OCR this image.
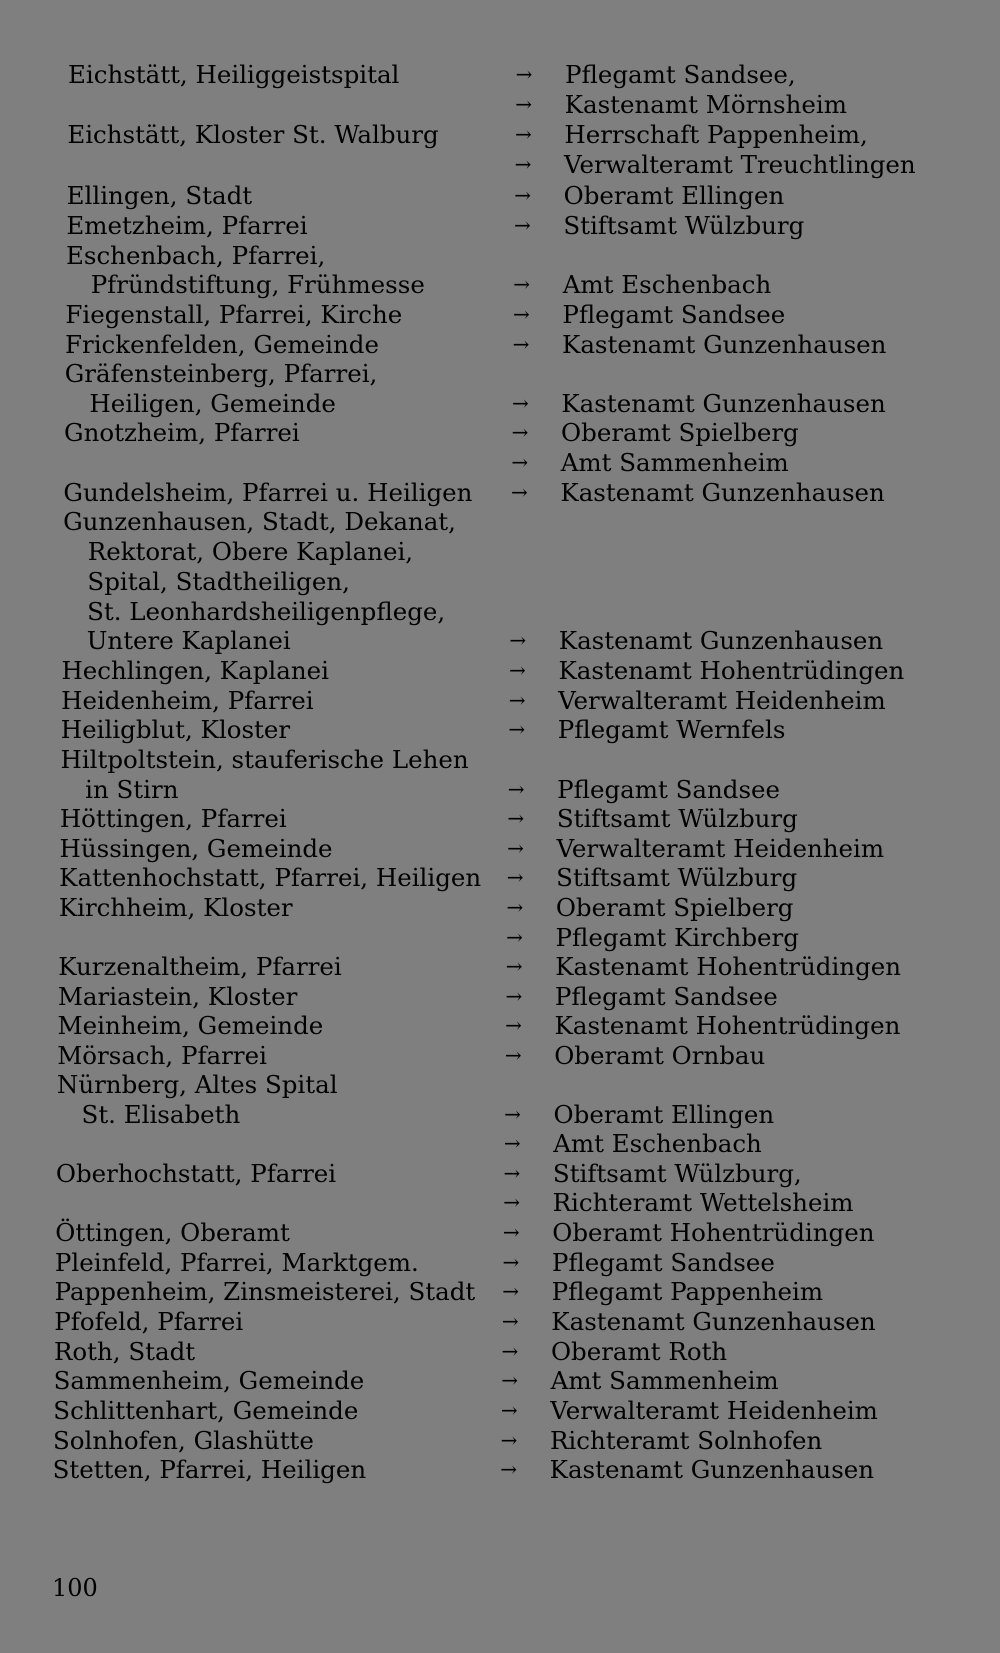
Eichstätt, Heiliggeistspital	→ Pflegamt Sandsee,
→ Kastenamt Mörnsheim
Eichstätt, Kloster St. Walburg	→ Herrschaft Pappenheim,
→ Verwalteramt Treuchtlingen
Ellingen, Stadt	→ Oberamt Ellingen
Emetzheim, Pfarrei	→ Stiftsamt Wülzburg
Eschenbach, Pfarrei,
Pfründstiftung, Frühmesse	→ Amt Eschenbach
Fiegenstall, Pfarrei, Kirche	→ Pflegamt Sandsee
Frickenfelden, Gemeinde	→ Kastenamt Gunzenhausen
Gräfensteinberg, Pfarrei,
Heiligen, Gemeinde	→ Kastenamt Gunzenhausen
Gnotzheim, Pfarrei	→ Oberamt Spielberg
→ Amt Sammenheim
Gundelsheim, Pfarrei u. Heiligen → Kastenamt Gunzenhausen
Gunzenhausen, Stadt, Dekanat,
Rektorat, Obere Kaplanei,
Spital, Stadtheiligen,
St. Leonhardsheiligenpflege,
Untere Kaplanei	→ Kastenamt Gunzenhausen
Hechlingen, Kaplanei	→ Kastenamt Hohentrüdingen
Heidenheim, Pfarrei	→ Verwalteramt Heidenheim
Heiligblut, Kloster	→ Pflegamt Wernfels
Hiltpoltstein, stauferische Lehen
in Stirn	→ Pflegamt Sandsee
Höttingen, Pfarrei	→ Stiftsamt Wülzburg
Hüssingen, Gemeinde	→ Verwalteramt Heidenheim
Kattenhochstatt, Pfarrei, Heiligen → Stiftsamt Wülzburg
Kirchheim, Kloster	→ Oberamt Spielberg
→ Pflegamt Kirchberg
Kurzenaltheim, Pfarrei	→ Kastenamt Hohentrüdingen
Mariastein, Kloster	→ Pflegamt Sandsee
Meinheim, Gemeinde	→ Kastenamt Hohentrüdingen
Mörsach, Pfarrei	→ Oberamt Ornbau
Nürnberg, Altes Spital
St. Elisabeth	→ Oberamt Ellingen
→ Amt Eschenbach
Oberhochstatt, Pfarrei	→ Stiftsamt Wülzburg,
→ Richteramt Wettelsheim
Öttingen, Oberamt	→ Oberamt Hohentrüdingen
Pleinfeld, Pfarrei, Marktgem.	→ Pflegamt Sandsee
Pappenheim, Zinsmeisterei, Stadt → Pflegamt Pappenheim
Pfofeld, Pfarrei	→ Kastenamt Gunzenhausen
Roth, Stadt	→ Oberamt Roth
Sammenheim, Gemeinde	→ Amt Sammenheim
Schlittenhart, Gemeinde	→ Verwalteramt Heidenheim
Solnhofen, Glashütte	→ Richteramt Solnhofen
Stetten, Pfarrei, Heiligen	→ Kastenamt Gunzenhausen
100
